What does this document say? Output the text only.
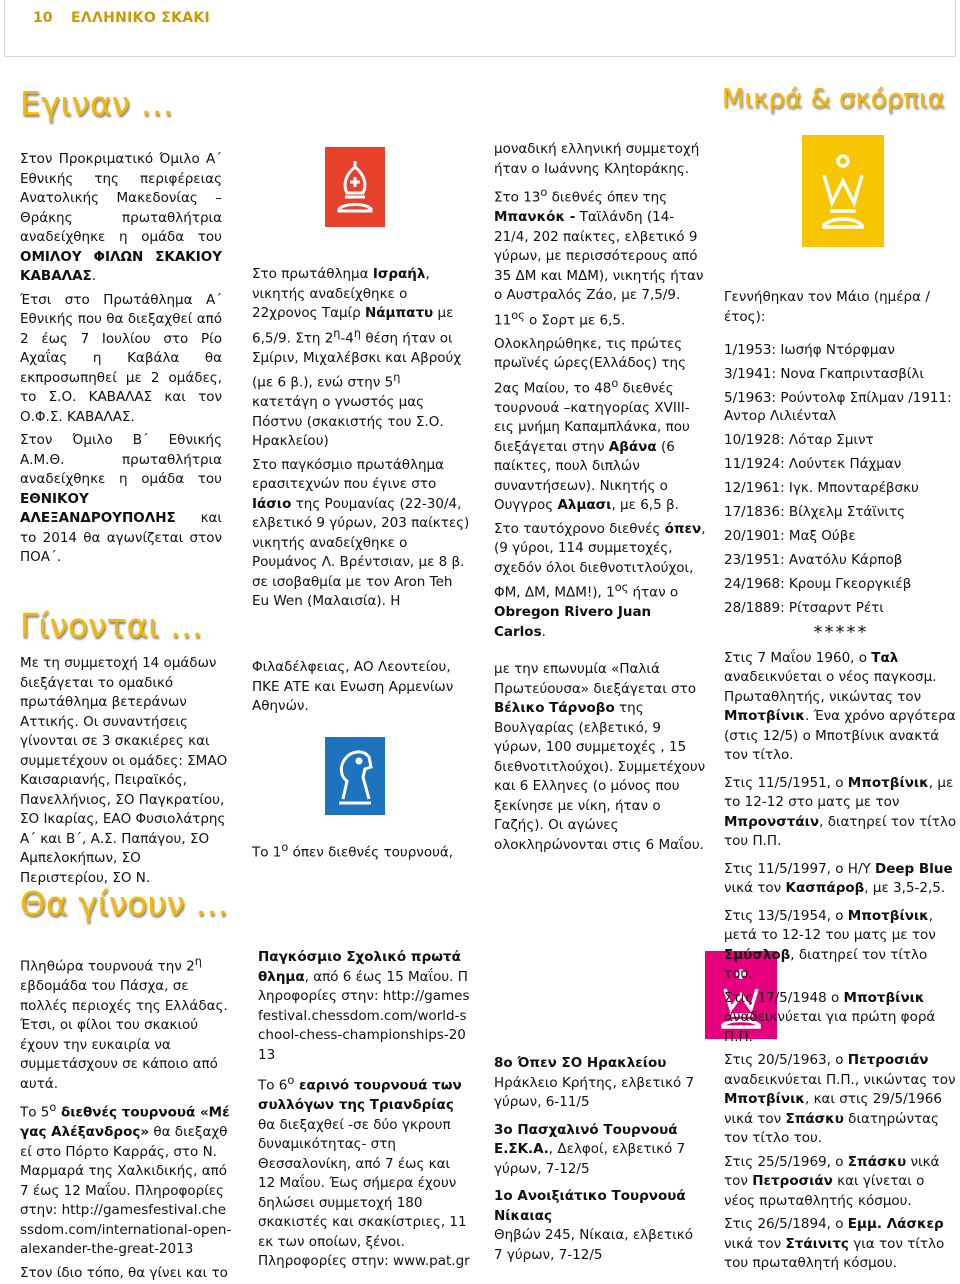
10 ΕΛΛΗΝΙΚΟ ΣΚΑΚΙ
Εγιναν …	Μικρά & σκόρπια
Γίνονται …
Θα γίνουν …

Στον Προκριματικό Όμιλο Α΄ Εθνικής της περιφέρειας Ανατολικής Μακεδονίας – Θράκης πρωταθλήτρια αναδείχθηκε η ομάδα του ΟΜΙΛΟΥ ΦΙΛΩΝ ΣΚΑΚΙΟΥ ΚΑΒΑΛΑΣ.

Έτσι στο Πρωτάθλημα Α΄ Εθνικής που θα διεξαχθεί από 2 έως 7 Ιουλίου στο Ρίο Αχαΐας η Καβάλα θα εκπροσωπηθεί με 2 ομάδες, το Σ.Ο. ΚΑΒΑΛΑΣ και τον Ο.Φ.Σ. ΚΑΒΑΛΑΣ.

Στον Όμιλο Β΄ Εθνικής Α.Μ.Θ. πρωταθλήτρια αναδείχθηκε η ομάδα του ΕΘΝΙΚΟΥ ΑΛΕΞΑΝΔΡΟΥΠΟΛΗΣ και το 2014 θα αγωνίζεται στον ΠΟΑ΄.

Με τη συμμετοχή 14 ομάδων διεξάγεται το ομαδικό πρωτάθλημα βετεράνων Αττικής. Οι συναντήσεις γίνονται σε 3 σκακιέρες και συμμετέχουν οι ομάδες: ΣΜΑΟ Καισαριανής, Πειραϊκός, Πανελλήνιος, ΣΟ Παγκρατίου, ΣΟ Ικαρίας, ΕΑΟ Φυσιολάτρης Α΄ και Β΄, Α.Σ. Παπάγου, ΣΟ Αμπελοκήπων, ΣΟ Περιστερίου, ΣΟ Ν.

Πληθώρα τουρνουά την $2^\eta$ εβδομάδα του Πάσχα, σε πολλές περιοχές της Ελλάδας. Έτσι, οι φίλοι του σκακιού έχουν την ευκαιρία να συμμετάσχουν σε κάποιο από αυτά.

Το $5^o$ διεθνές τουρνουά «Μέγας Αλέξανδρος» θα διεξαχθεί στο Πόρτο Καρράς, στο Ν. Μαρμαρά της Χαλκιδικής, από 7 έως 12 Μαΐου. Πληροφορίες στην: http://gamesfestival.chessdom.com/international-open-alexander-the-great-2013

Στον ίδιο τόπο, θα γίνει και το

Στο πρωτάθλημα Ισραήλ, νικητής αναδείχθηκε ο 22χρονος Ταμίρ Νάμπατυ με 6,5/9. Στη $2^\eta-4^\eta$ θέση ήταν οι Σμίριν, Μιχαλέβσκι και Αβρούχ (με 6 β.), ενώ στην $5^\eta$ κατετάγη ο γνωστός μας Πόστνυ (σκακιστής του Σ.Ο. Ηρακλείου)

Στο παγκόσμιο πρωτάθλημα ερασιτεχνών που έγινε στο Ιάσιο της Ρουμανίας (22-30/4, ελβετικό 9 γύρων, 203 παίκτες) νικητής αναδείχθηκε ο Ρουμάνος Λ. Βρέντσιαν, με 8 β. σε ισοβαθμία με τον Aron Teh Eu Wen (Μαλαισία). Η

Φιλαδέλφειας, ΑΟ Λεοντείου, ΠΚΕ ΑΤΕ και Ενωση Αρμενίων Αθηνών.

Το $1^o$ όπεν διεθνές τουρνουά,

Παγκόσμιο Σχολικό πρωτάθλημα, από 6 έως 15 Μαΐου. Πληροφορίες στην: http://gamesfestival.chessdom.com/world-school-chess-championships-2013

Το $6^o$ εαρινό τουρνουά των συλλόγων της Τριανδρίας θα διεξαχθεί -σε δύο γκρουπ δυναμικότητας- στη Θεσσαλονίκη, από 7 έως και 12 Μαΐου. Έως σήμερα έχουν δηλώσει συμμετοχή 180 σκακιστές και σκακίστριες, 11 εκ των οποίων, ξένοι. Πληροφορίες στην: www.pat.gr

μοναδική ελληνική συμμετοχή ήταν ο Ιωάννης Κληtopάκης.

Στο $13^o$ διεθνές όπεν της Μπανκόκ - Ταϊλάνδη (14-21/4, 202 παίκτες, ελβετικό 9 γύρων, με περισσότερους από 35 ΔΜ και ΜΔΜ), νικητής ήταν ο Αυστραλός Ζάο, με 7,5/9. $11^{o\varsigma}$ ο Σορτ με 6,5.

Ολοκληρώθηκε, τις πρώτες πρωϊνές ώρες(Ελλάδος) της 2ας Μαίου, το $48^o$ διεθνές τουρνουά –κατηγορίας XVIII- εις μνήμη Καπαμπλάνκα, που διεξάγεται στην Αβάνα (6 παίκτες, πουλ διπλών συναντήσεων). Νικητής ο Ουγγρος Αλμασι, με 6,5 β.

Στο ταυτόχρονο διεθνές όπεν, (9 γύροι, 114 συμμετοχές, σχεδόν όλοι διεθνοτιτλούχοι, ΦΜ, ΔΜ, ΜΔΜ!), $1^{o\varsigma}$ ήταν ο Obregon Rivero Juan Carlos.

με την επωνυμία «Παλιά Πρωτεύουσα» διεξάγεται στο Βέλικο Τάρνοβο της Βουλγαρίας (ελβετικό, 9 γύρων, 100 συμμετοχές , 15 διεθνοτιτλούχοι). Συμμετέχουν και 6 Ελληνες (ο μόνος που ξεκίνησε με νίκη, ήταν ο Γαζής). Οι αγώνες ολοκληρώνονται στις 6 Μαΐου.

8ο Όπεν ΣΟ Ηρακλείου
Ηράκλειο Κρήτης, ελβετικό 7 γύρων, 6-11/5

3ο Πασχαλινό Τουρνουά Ε.ΣΚ.Α., Δελφοί, ελβετικό 7 γύρων, 7-12/5

1ο Ανοιξιάτικο Τουρνουά Νίκαιας
Θηβών 245, Νίκαια, ελβετικό 7 γύρων, 7-12/5

Γεννήθηκαν τον Μάιο (ημέρα / έτος):

1/1953: Ιωσήφ Ντόρφμαν
3/1941: Νονα Γκαπριντασβίλι
5/1963: Ρούντολφ Σπίλμαν /1911: Αντορ Λιλιένταλ
10/1928: Λόταρ Σμιντ
11/1924: Λούντεκ Πάχμαν
12/1961: Ιγκ. Μπονταρέβσκυ
17/1836: Βίλχελμ Στάϊνιτς
20/1901: Μαξ Ούβε
23/1951: Ανατόλυ Κάρποβ
24/1968: Κρουμ Γκεοργκιέβ
28/1889: Ρίτσαρντ Ρέτι
*****

Στις 7 Μαΐου 1960, ο Ταλ αναδεικνύεται ο νέος παγκοσμ. Πρωταθλητής, νικώντας τον Μποτβίνικ. Ένα χρόνο αργότερα (στις 12/5) ο Μποτβίνικ ανακτά τον τίτλο.

Στις 11/5/1951, ο Μποτβίνικ, με το 12-12 στο ματς με τον Μπρονστάιν, διατηρεί τον τίτλο του Π.Π.

Στις 11/5/1997, ο Η/Υ Deep Blue νικά τον Κασπάροβ, με 3,5-2,5.

Στις 13/5/1954, ο Μποτβίνικ, μετά το 12-12 του ματς με τον Σμύσλοβ, διατηρεί τον τίτλο του.

Στις 17/5/1948 ο Μποτβίνικ αναδεικνύεται για πρώτη φορά Π.Π.

Στις 20/5/1963, ο Πετροσιάν αναδεικνύεται Π.Π., νικώντας τον Μποτβίνικ, και στις 29/5/1966 νικά τον Σπάσκυ διατηρώντας τον τίτλο του.

Στις 25/5/1969, ο Σπάσκυ νικά τον Πετροσιάν και γίνεται ο νέος πρωταθλητής κόσμου.

Στις 26/5/1894, ο Εμμ. Λάσκερ νικά τον Στάινιτς για τον τίτλο του πρωταθλητή κόσμου.
